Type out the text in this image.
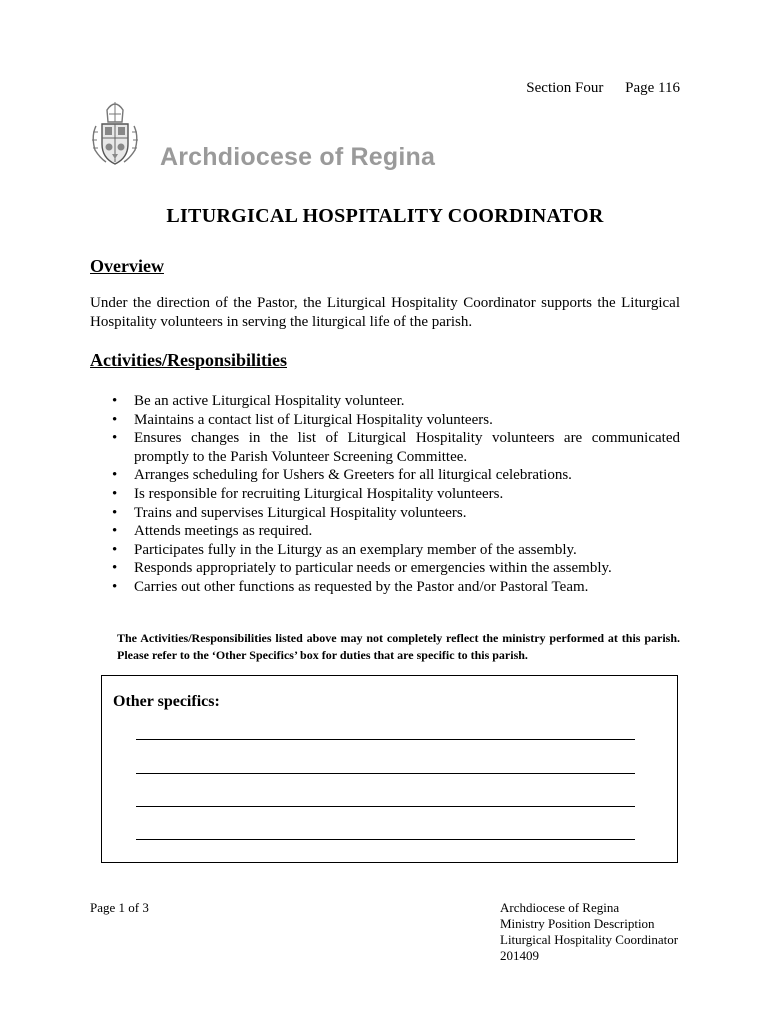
Section Four Page 116
Archdiocese of Regina
LITURGICAL HOSPITALITY COORDINATOR
Overview
Under the direction of the Pastor, the Liturgical Hospitality Coordinator supports the Liturgical Hospitality volunteers in serving the liturgical life of the parish.
Activities/Responsibilities
• Be an active Liturgical Hospitality volunteer.
• Maintains a contact list of Liturgical Hospitality volunteers.
• Ensures changes in the list of Liturgical Hospitality volunteers are communicated promptly to the Parish Volunteer Screening Committee.
• Arranges scheduling for Ushers & Greeters for all liturgical celebrations.
• Is responsible for recruiting Liturgical Hospitality volunteers.
• Trains and supervises Liturgical Hospitality volunteers.
• Attends meetings as required.
• Participates fully in the Liturgy as an exemplary member of the assembly.
• Responds appropriately to particular needs or emergencies within the assembly.
• Carries out other functions as requested by the Pastor and/or Pastoral Team.
The Activities/Responsibilities listed above may not completely reflect the ministry performed at this parish. Please refer to the ‘Other Specifics’ box for duties that are specific to this parish.
Other specifics:
Page 1 of 3	Archdiocese of Regina
Ministry Position Description
Liturgical Hospitality Coordinator
201409
